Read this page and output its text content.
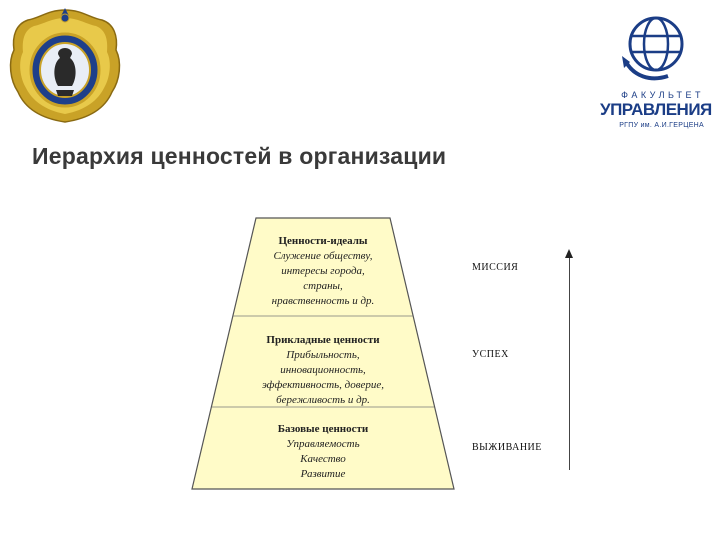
ФАКУЛЬТЕТ
УПРАВЛЕНИЯ
РГПУ им. А.И.ГЕРЦЕНА
Иерархия ценностей в организации
Ценности-идеалы
Служение обществу,
интересы города,
страны,
нравственность и др.
Прикладные ценности
Прибыльность,
инновационность,
эффективность, доверие,
бережливость и др.
Базовые ценности
Управляемость
Качество
Развитие
МИССИЯ
УСПЕХ
ВЫЖИВАНИЕ
